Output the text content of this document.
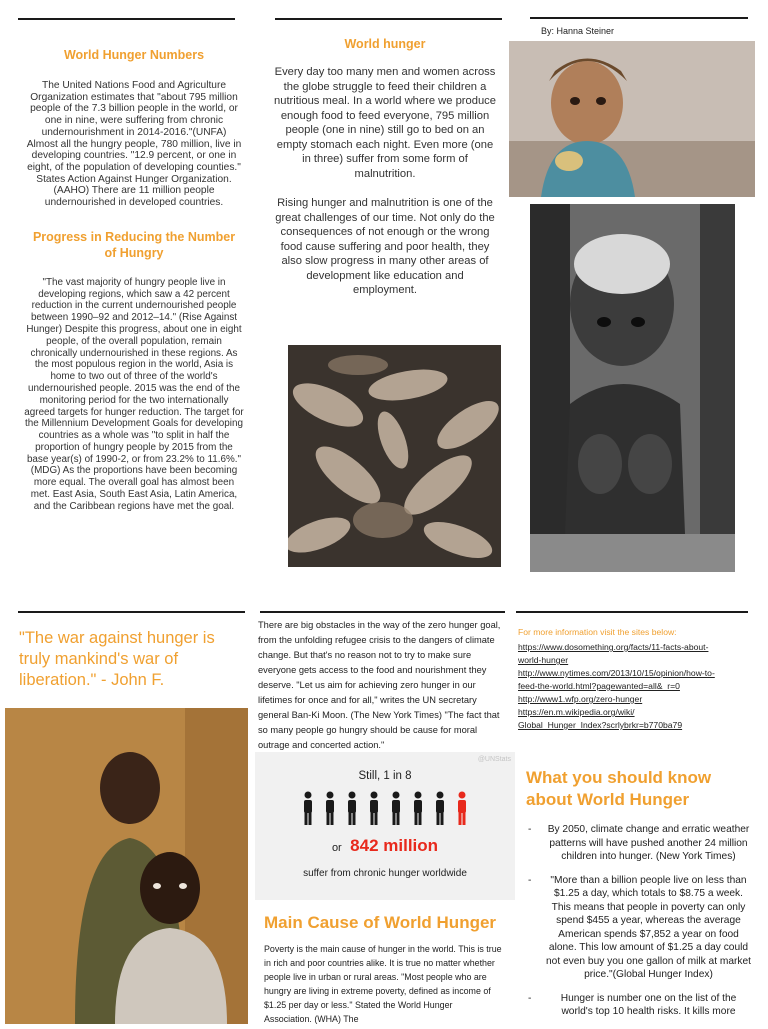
By: Hanna Steiner
World Hunger Numbers

The United Nations Food and Agriculture Organization estimates that "about 795 million people of the 7.3 billion people in the world, or one in nine, were suffering from chronic undernourishment in 2014-2016."(UNFA) Almost all the hungry people, 780 million, live in developing countries. "12.9 percent, or one in eight, of the population of developing counties." States Action Against Hunger Organization. (AAHO) There are 11 million people undernourished in developed countries.

Progress in Reducing the Number of Hungry

"The vast majority of hungry people live in developing regions, which saw a 42 percent reduction in the current undernourished people between 1990–92 and 2012–14." (Rise Against Hunger) Despite this progress, about one in eight people, of the overall population, remain chronically undernourished in these regions. As the most populous region in the world, Asia is home to two out of three of the world's undernourished people. 2015 was the end of the monitoring period for the two internationally agreed targets for hunger reduction. The target for the Millennium Development Goals for developing countries as a whole was "to split in half the proportion of hungry people by 2015 from the base year(s) of 1990-2, or from 23.2% to 11.6%." (MDG) As the proportions have been becoming more equal. The overall goal has almost been met. East Asia, South East Asia, Latin America, and the Caribbean regions have met the goal.

World hunger

Every day too many men and women across the globe struggle to feed their children a nutritious meal. In a world where we produce enough food to feed everyone, 795 million people (one in nine) still go to bed on an empty stomach each night. Even more (one in three) suffer from some form of malnutrition.

Rising hunger and malnutrition is one of the great challenges of our time. Not only do the consequences of not enough or the wrong food cause suffering and poor health, they also slow progress in many other areas of development like education and employment.

"The war against hunger is truly mankind's war of liberation." - John F.

There are big obstacles in the way of the zero hunger goal, from the unfolding refugee crisis to the dangers of climate change. But that's no reason not to try to make sure everyone gets access to the food and nourishment they deserve. "Let us aim for achieving zero hunger in our lifetimes for once and for all," writes the UN secretary general Ban-Ki Moon. (The New York Times) "The fact that so many people go hungry should be cause for moral outrage and concerted action."

@UNStats
Still, 1 in 8
or 842 million
suffer from chronic hunger worldwide
Main Cause of World Hunger

Poverty is the main cause of hunger in the world. This is true in rich and poor countries alike. It is true no matter whether people live in urban or rural areas. "Most people who are hungry are living in extreme poverty, defined as income of $1.25 per day or less." Stated the World Hunger Association. (WHA) The

For more information visit the sites below:
https://www.dosomething.org/facts/11-facts-about-
world-hunger
http://www.nytimes.com/2013/10/15/opinion/how-to-
feed-the-world.html?pagewanted=all&_r=0
http://www1.wfp.org/zero-hunger
https://en.m.wikipedia.org/wiki/
Global_Hunger_Index?scrlybrkr=b770ba79
What you should know about World Hunger
- By 2050, climate change and erratic weather patterns will have pushed another 24 million children into hunger. (New York Times)
- "More than a billion people live on less than $1.25 a day, which totals to $8.75 a week. This means that people in poverty can only spend $455 a year, whereas the average American spends $7,852 a year on food alone. This low amount of $1.25 a day could not even buy you one gallon of milk at market price."(Global Hunger Index)
- Hunger is number one on the list of the world's top 10 health risks. It kills more
